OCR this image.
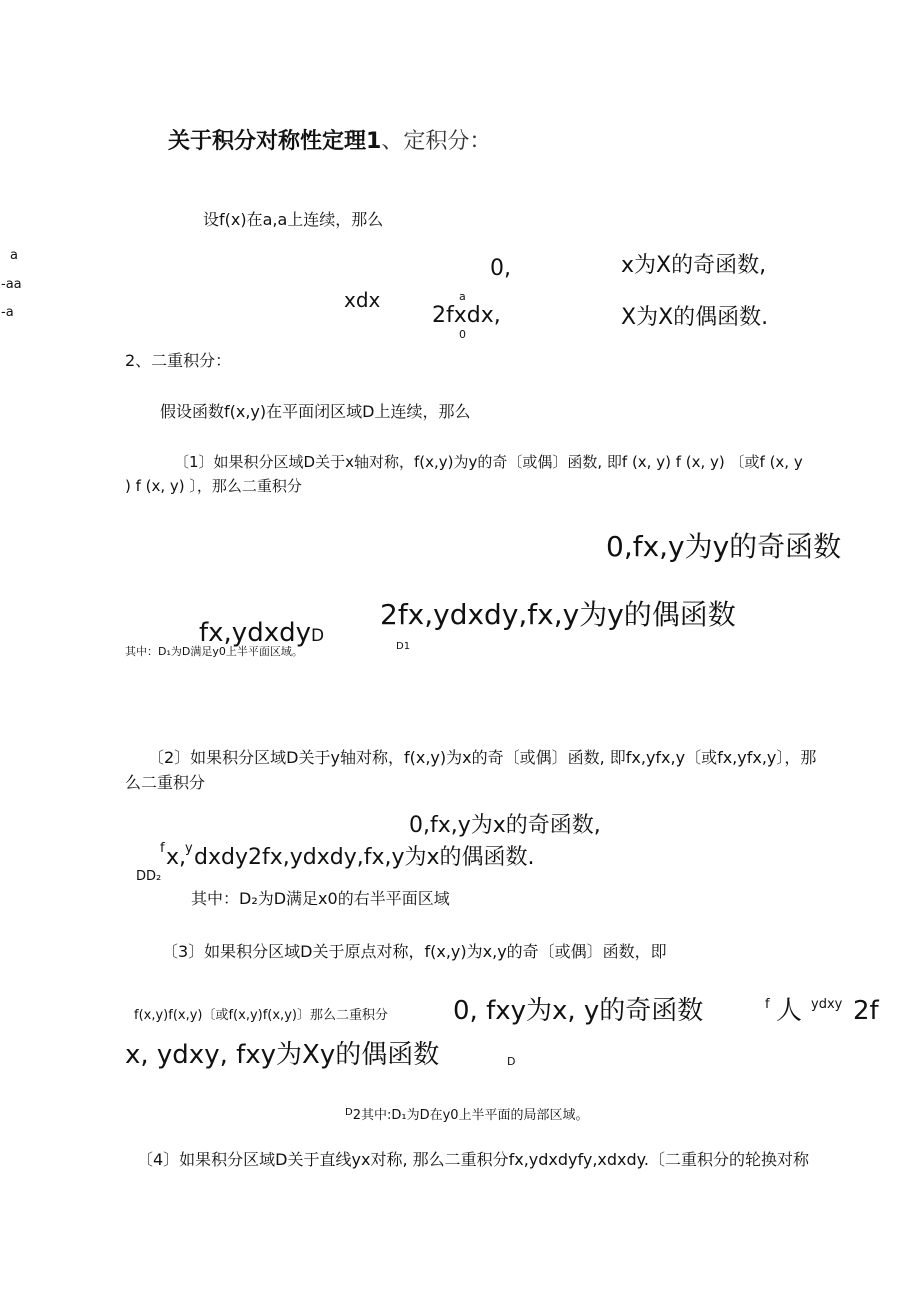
关于积分对称性定理1、定积分：
设f(x)在a,a上连续，那么
a
-aa
-a
0,	x为X的奇函数,
xdx	a
2fxdx,
0
X为X的偶函数.
2、二重积分：
假设函数f(x,y)在平面闭区域D上连续，那么
〔1〕如果积分区域D关于x轴对称，f(x,y)为y的奇〔或偶〕函数, 即f (x, y) f (x, y) 〔或f (x, y
) f (x, y) 〕，那么二重积分
0,fx,y为y的奇函数
2fx,ydxdy,fx,y为y的偶函数
fx,ydxdyD
其中：D₁为D满足y0上半平面区域。	D1
〔2〕如果积分区域D关于y轴对称，f(x,y)为x的奇〔或偶〕函数, 即fx,yfx,y〔或fx,yfx,y〕，那
么二重积分
0,fx,y为x的奇函数,
f x,
y dxdy2fx,ydxdy,fx,y为x的偶函数.
DD₂
其中：D₂为D满足x0的右半平面区域
〔3〕如果积分区域D关于原点对称，f(x,y)为x,y的奇〔或偶〕函数，即
f(x,y)f(x,y)〔或f(x,y)f(x,y)〕那么二重积分	0, fxy为x, y的奇函数	f 人 ydxy 2f
x, ydxy, fxy为Xy的偶函数	D
$^D$2其中:D₁为D在y0上半平面的局部区域。
〔4〕如果积分区域D关于直线yx对称, 那么二重积分fx,ydxdyfy,xdxdy.〔二重积分的轮换对称
